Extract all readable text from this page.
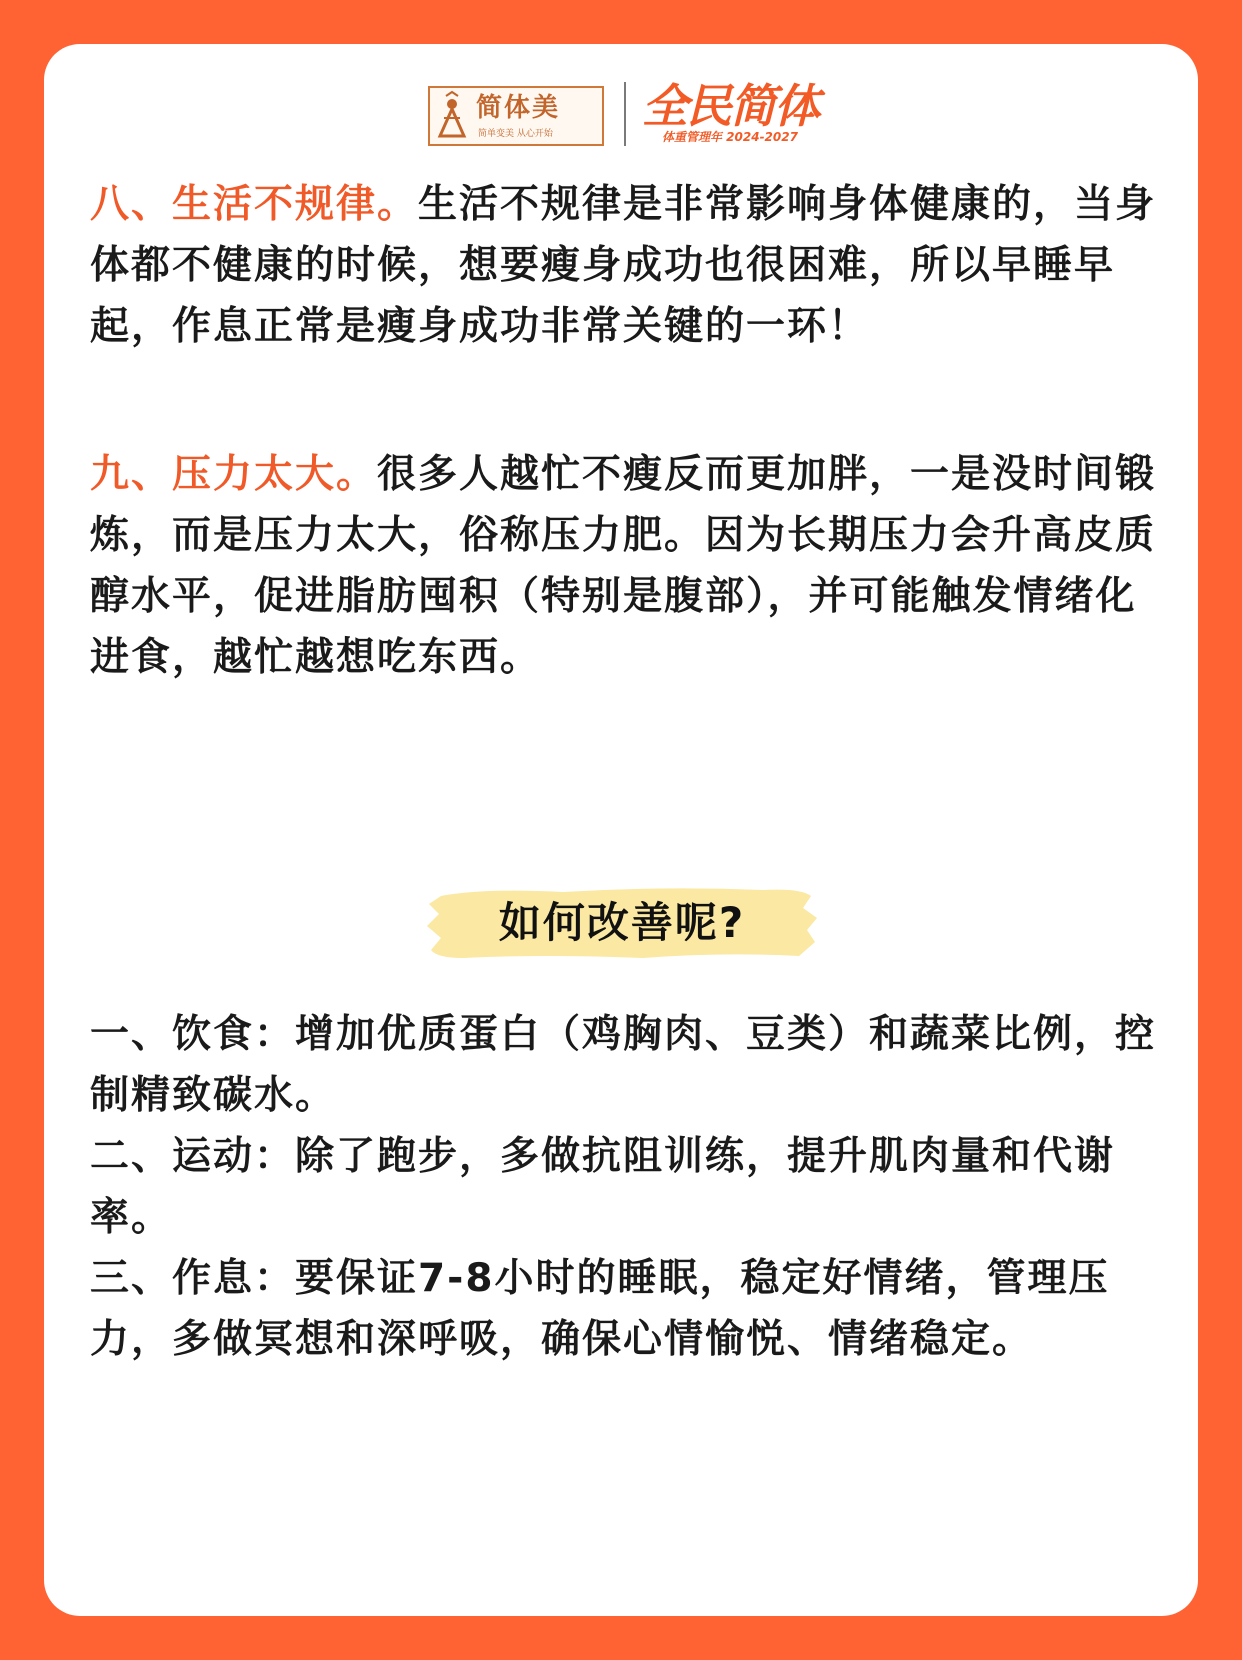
简体美
简单变美 从心开始
全民简体
体重管理年 2024-2027
八、生活不规律。生活不规律是非常影响身体健康的，当身体都不健康的时候，想要瘦身成功也很困难，所以早睡早起，作息正常是瘦身成功非常关键的一环！
九、压力太大。很多人越忙不瘦反而更加胖，一是没时间锻炼，而是压力太大，俗称压力肥。因为长期压力会升高皮质醇水平，促进脂肪囤积（特别是腹部），并可能触发情绪化进食，越忙越想吃东西。
如何改善呢?
一、饮食：增加优质蛋白（鸡胸肉、豆类）和蔬菜比例，控制精致碳水。
二、运动：除了跑步，多做抗阻训练，提升肌肉量和代谢率。
三、作息：要保证7-8小时的睡眠，稳定好情绪，管理压力，多做冥想和深呼吸，确保心情愉悦、情绪稳定。
